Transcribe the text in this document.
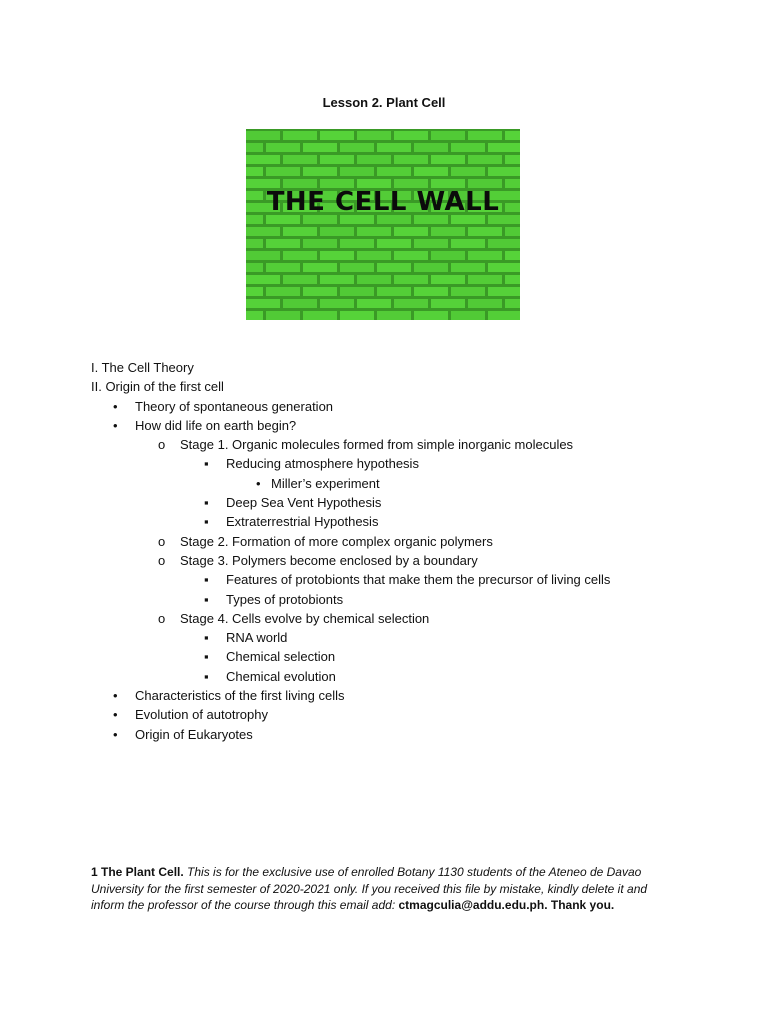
Lesson 2. Plant Cell
THE CELL WALL
I. The Cell Theory
II. Origin of the first cell
• Theory of spontaneous generation
• How did life on earth begin?
o Stage 1. Organic molecules formed from simple inorganic molecules
▪ Reducing atmosphere hypothesis
• Miller’s experiment
▪ Deep Sea Vent Hypothesis
▪ Extraterrestrial Hypothesis
o Stage 2. Formation of more complex organic polymers
o Stage 3. Polymers become enclosed by a boundary
▪ Features of protobionts that make them the precursor of living cells
▪ Types of protobionts
o Stage 4. Cells evolve by chemical selection
▪ RNA world
▪ Chemical selection
▪ Chemical evolution
• Characteristics of the first living cells
• Evolution of autotrophy
• Origin of Eukaryotes
1 The Plant Cell. This is for the exclusive use of enrolled Botany 1130 students of the Ateneo de Davao University for the first semester of 2020-2021 only. If you received this file by mistake, kindly delete it and inform the professor of the course through this email add: ctmagculia@addu.edu.ph. Thank you.
